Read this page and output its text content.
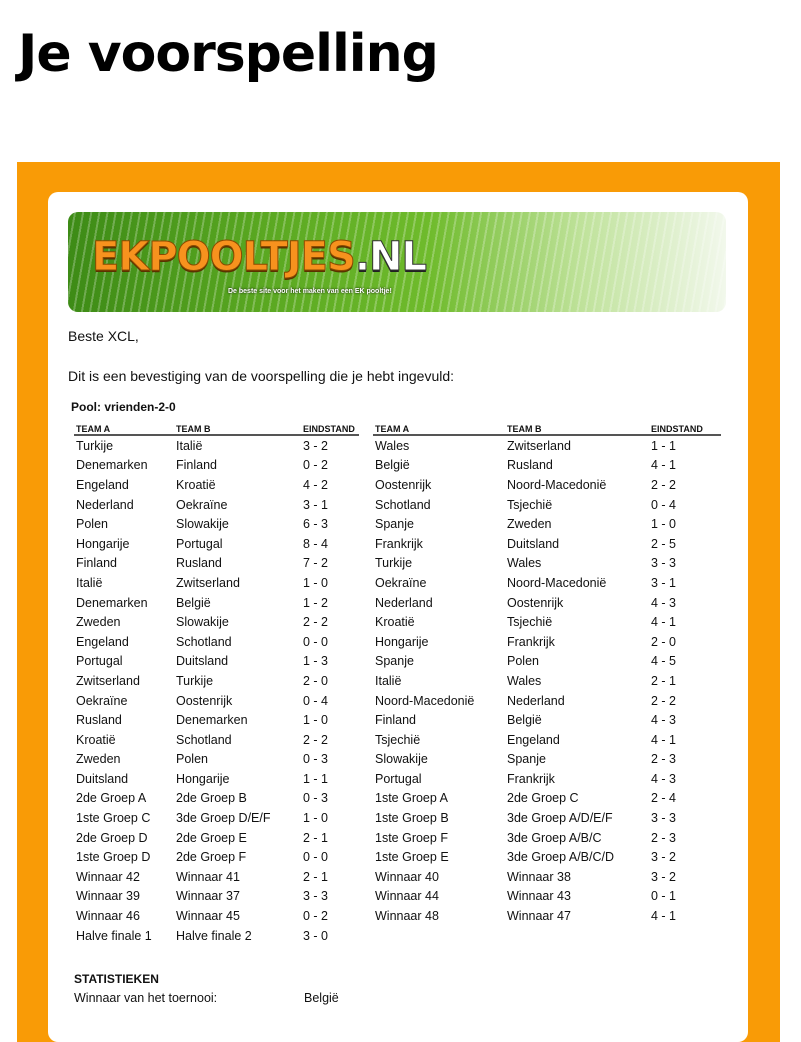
Je voorspelling
EKPOOLTJES.NL
De beste site voor het maken van een EK pooltje!
Beste XCL,
Dit is een bevestiging van de voorspelling die je hebt ingevuld:
Pool: vrienden-2-0
TEAM A	TEAM B	EINDSTAND
Turkije	Italië	3 - 2
Denemarken	Finland	0 - 2
Engeland	Kroatië	4 - 2
Nederland	Oekraïne	3 - 1
Polen	Slowakije	6 - 3
Hongarije	Portugal	8 - 4
Finland	Rusland	7 - 2
Italië	Zwitserland	1 - 0
Denemarken	België	1 - 2
Zweden	Slowakije	2 - 2
Engeland	Schotland	0 - 0
Portugal	Duitsland	1 - 3
Zwitserland	Turkije	2 - 0
Oekraïne	Oostenrijk	0 - 4
Rusland	Denemarken	1 - 0
Kroatië	Schotland	2 - 2
Zweden	Polen	0 - 3
Duitsland	Hongarije	1 - 1
2de Groep A	2de Groep B	0 - 3
1ste Groep C	3de Groep D/E/F	1 - 0
2de Groep D	2de Groep E	2 - 1
1ste Groep D	2de Groep F	0 - 0
Winnaar 42	Winnaar 41	2 - 1
Winnaar 39	Winnaar 37	3 - 3
Winnaar 46	Winnaar 45	0 - 2
Halve finale 1	Halve finale 2	3 - 0
TEAM A	TEAM B	EINDSTAND
Wales	Zwitserland	1 - 1
België	Rusland	4 - 1
Oostenrijk	Noord-Macedonië	2 - 2
Schotland	Tsjechië	0 - 4
Spanje	Zweden	1 - 0
Frankrijk	Duitsland	2 - 5
Turkije	Wales	3 - 3
Oekraïne	Noord-Macedonië	3 - 1
Nederland	Oostenrijk	4 - 3
Kroatië	Tsjechië	4 - 1
Hongarije	Frankrijk	2 - 0
Spanje	Polen	4 - 5
Italië	Wales	2 - 1
Noord-Macedonië	Nederland	2 - 2
Finland	België	4 - 3
Tsjechië	Engeland	4 - 1
Slowakije	Spanje	2 - 3
Portugal	Frankrijk	4 - 3
1ste Groep A	2de Groep C	2 - 4
1ste Groep B	3de Groep A/D/E/F	3 - 3
1ste Groep F	3de Groep A/B/C	2 - 3
1ste Groep E	3de Groep A/B/C/D	3 - 2
Winnaar 40	Winnaar 38	3 - 2
Winnaar 44	Winnaar 43	0 - 1
Winnaar 48	Winnaar 47	4 - 1
STATISTIEKEN
Winnaar van het toernooi:	België
